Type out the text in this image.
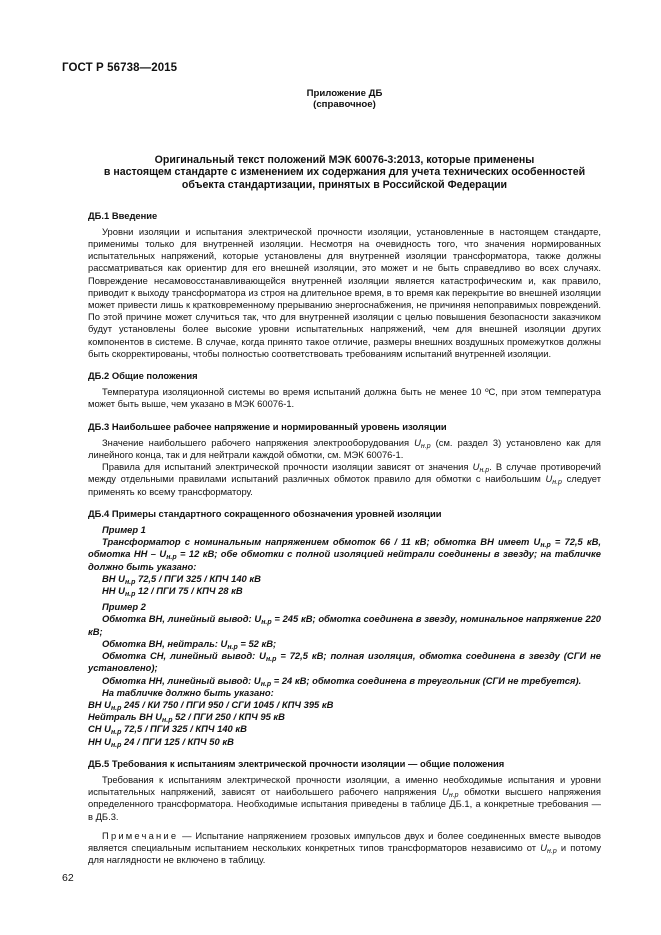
ГОСТ Р 56738—2015
Приложение ДБ
(справочное)
Оригинальный текст положений МЭК 60076-3:2013, которые применены
в настоящем стандарте с изменением их содержания для учета технических особенностей
объекта стандартизации, принятых в Российской Федерации
ДБ.1 Введение

Уровни изоляции и испытания электрической прочности изоляции, установленные в настоящем стандарте, применимы только для внутренней изоляции. Несмотря на очевидность того, что значения нормированных испытательных напряжений, которые установлены для внутренней изоляции трансформатора, также должны рассматриваться как ориентир для его внешней изоляции, это может и не быть справедливо во всех случаях. Повреждение несамовосстанавливающейся внутренней изоляции является катастрофическим и, как правило, приводит к выходу трансформатора из строя на длительное время, в то время как перекрытие во внешней изоляции может привести лишь к кратковременному прерыванию энергоснабжения, не причиняя непоправимых повреждений. По этой причине может случиться так, что для внутренней изоляции с целью повышения безопасности заказчиком будут установлены более высокие уровни испытательных напряжений, чем для внешней изоляции других компонентов в системе. В случае, когда принято такое отличие, размеры внешних воздушных промежутков должны быть скорректированы, чтобы полностью соответствовать требованиям испытаний внутренней изоляции.

ДБ.2 Общие положения

Температура изоляционной системы во время испытаний должна быть не менее 10 ºС, при этом температура может быть выше, чем указано в МЭК 60076-1.

ДБ.3 Наибольшее рабочее напряжение и нормированный уровень изоляции

Значение наибольшего рабочего напряжения электрооборудования $U_{н.р}$ (см. раздел 3) установлено как для линейного конца, так и для нейтрали каждой обмотки, см. МЭК 60076-1.

Правила для испытаний электрической прочности изоляции зависят от значения $U_{н.р}$. В случае противоречий между отдельными правилами испытаний различных обмоток правило для обмотки с наибольшим $U_{н.р}$ следует применять ко всему трансформатору.

ДБ.4 Примеры стандартного сокращенного обозначения уровней изоляции
Пример 1

Трансформатор с номинальным напряжением обмоток 66 / 11 кВ; обмотка ВН имеет $U_{н.р} = 72,5$ кВ, обмотка НН – $U_{н.р} = 12$ кВ; обе обмотки с полной изоляцией нейтрали соединены в звезду; на табличке должно быть указано:

ВН $U_{н.р}$ 72,5 / ПГИ 325 / КПЧ 140 кВ

НН $U_{н.р}$ 12 / ПГИ 75 / КПЧ 28 кВ

Пример 2

Обмотка ВН, линейный вывод: $U_{н.р} = 245$ кВ; обмотка соединена в звезду, номинальное напряжение 220 кВ;

Обмотка ВН, нейтраль: $U_{н.р} = 52$ кВ;

Обмотка СН, линейный вывод: $U_{н.р} = 72,5$ кВ; полная изоляция, обмотка соединена в звезду (СГИ не установлено);

Обмотка НН, линейный вывод: $U_{н.р} = 24$ кВ; обмотка соединена в треугольник (СГИ не требуется).

На табличке должно быть указано:

ВН $U_{н.р}$ 245 / КИ 750 / ПГИ 950 / СГИ 1045 / КПЧ 395 кВ

Нейтраль ВН $U_{н.р}$ 52 / ПГИ 250 / КПЧ 95 кВ

СН $U_{н.р}$ 72,5 / ПГИ 325 / КПЧ 140 кВ

НН $U_{н.р}$ 24 / ПГИ 125 / КПЧ 50 кВ

ДБ.5 Требования к испытаниям электрической прочности изоляции — общие положения

Требования к испытаниям электрической прочности изоляции, а именно необходимые испытания и уровни испытательных напряжений, зависят от наибольшего рабочего напряжения $U_{н.р}$ обмотки высшего напряжения определенного трансформатора. Необходимые испытания приведены в таблице ДБ.1, а конкретные требования — в ДБ.3.

Примечание — Испытание напряжением грозовых импульсов двух и более соединенных вместе выводов является специальным испытанием нескольких конкретных типов трансформаторов независимо от $U_{н.р}$ и потому для наглядности не включено в таблицу.

62
